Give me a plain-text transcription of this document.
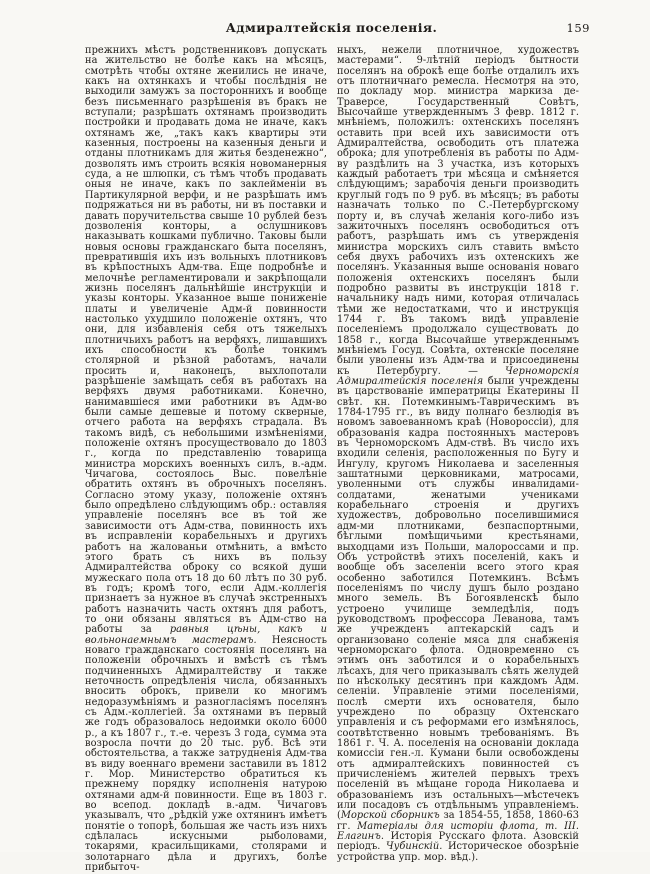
Адмиралтейскія поселенія.	159
прежнихъ мѣстъ родственниковъ допускать на жительство не болѣе какъ на мѣсяцъ, смотрѣть чтобы охтяне женились не иначе, какъ на охтянкахъ и чтобы послѣднія не выходили замужъ за постороннихъ и вообще безъ письменнаго разрѣшенія въ бракъ не вступали; разрѣшать охтянамъ производить постройки и продавать дома не иначе, какъ охтянамъ же, „такъ какъ квартиры эти казенныя, построены на казенныя деньги и отданы плотникамъ для житья безденежно“, дозволять имъ строить всякія новоманерныя суда, а не шлюпки, съ тѣмъ чтобъ продавать оныя не иначе, какъ по заклейменіи въ Партикулярной верфи, и не разрѣшать имъ подряжаться ни въ работы, ни въ поставки и давать поручительства свыше 10 рублей безъ дозволенія конторы, а ослушниковъ наказывать кошками публично. Таковы были новыя основы гражданскаго быта поселянъ, превратившія ихъ изъ вольныхъ плотниковъ въ крѣпостныхъ Адм-тва. Еще подробнѣе и мелочнѣе регламентировали и закрѣпощали жизнь поселянъ дальнѣйшіе инструкціи и указы конторы. Указанное выше пониженіе платы и увеличеніе Адм-й повинности настолько ухудшило положеніе охтянъ, что они, для избавленія себя отъ тяжелыхъ плотничьихъ работъ на верфяхъ, лишавшихъ ихъ способности къ болѣе тонкимъ столярной и рѣзной работамъ, начали просить и, наконецъ, выхлопотали разрѣшеніе замѣщать себя въ работахъ на верфяхъ двумя работниками. Конечно, нанимавшіеся ими работники въ Адм-во были самые дешевые и потому скверные, отчего работа на верфяхъ страдала. Въ такомъ видѣ, съ небольшими измѣненіями, положеніе охтянъ просуществовало до 1803 г., когда по представленію товарища министра морскихъ военныхъ силъ, в.-адм. Чичагова, состоялось Выс. повелѣніе обратить охтянъ въ оброчныхъ поселянъ. Согласно этому указу, положеніе охтянъ было опредѣлено слѣдующимъ обр.: оставляя управленіе поселянъ все въ той же зависимости отъ Адм-ства, повинность ихъ въ исправленіи корабельныхъ и другихъ работъ на жалованьи отмѣнить, а вмѣсто этого брать съ нихъ въ пользу Адмиралтейства оброку со всякой души мужескаго пола отъ 18 до 60 лѣтъ по 30 руб. въ годъ; кромѣ того, если Адм.-коллегія признаетъ за нужное въ случаѣ экстренныхъ работъ назначить часть охтянъ для работъ, то они обязаны являться въ Адм-ство на работы за равныя цѣны, какъ и вольнонаемнымъ мастерамъ. Неясность новаго гражданскаго состоянія поселянъ на положеніи оброчныхъ и вмѣстѣ съ тѣмъ подчиненныхъ Адмиралтейству и также неточность опредѣленія числа, обязанныхъ вносить оброкъ, привели ко многимъ недоразумѣніямъ и разногласіямъ поселянъ съ Адм.-коллегіей. За охтянами въ первый же годъ образовалось недоимки около 6000 р., а къ 1807 г., т.-е. черезъ 3 года, сумма эта возросла почти до 20 тыс. руб. Всѣ эти обстоятельства, а также затрудненія Адм-тва въ виду военнаго времени заставили въ 1812 г. Мор. Министерство обратиться къ прежнему порядку исполненія натурою охтянами адм-й повинности. Еще въ 1803 г. во всепод. докладѣ в.-адм. Чичаговъ указывалъ, что „рѣдкій уже охтянинъ имѣетъ понятіе о топорѣ, большая же часть изъ нихъ сдѣлалась искусными рыболовами, токарями, красильщиками, столярами и золотарнаго дѣла и другихъ, болѣе прибыточ-
ныхъ, нежели плотничное, художествъ мастерами“. 9-лѣтній періодъ бытности поселянъ на оброкѣ еще болѣе отдалилъ ихъ отъ плотничнаго ремесла. Несмотря на это, по докладу мор. министра маркиза де-Траверсе, Государственный Совѣтъ, Высочайше утвержденнымъ 3 февр. 1812 г. мнѣніемъ, положилъ: охтенскихъ поселянъ оставить при всей ихъ зависимости отъ Адмиралтейства, освободить отъ платежа оброка; для употребленія въ работы по Адм-ву раздѣлить на 3 участка, изъ которыхъ каждый работаетъ три мѣсяца и смѣняется слѣдующимъ; зарабочія деньги производить круглый годъ по 9 руб. въ мѣсяцъ; въ работы назначать только по С.-Петербургскому порту и, въ случаѣ желанія кого-либо изъ зажиточныхъ поселянъ освободиться отъ работъ, разрѣшать имъ съ утвержденія министра морскихъ силъ ставить вмѣсто себя двухъ рабочихъ изъ охтенскихъ же поселянъ. Указанныя выше основанія новаго положенія охтенскихъ поселянъ были подробно развиты въ инструкціи 1818 г. начальнику надъ ними, которая отличалась тѣми же недостатками, что и инструкція 1744 г. Въ такомъ видѣ управленіе поселеніемъ продолжало существовать до 1858 г., когда Высочайше утвержденнымъ мнѣніемъ Госуд. Совѣта, охтенскіе поселяне были уволены изъ Адм-тва и присоединены къ Петербургу. — Черноморскія Адмиралтейскія поселенія были учреждены въ царствованіе императрицы Екатерины II свѣт. кн. Потемкинымъ-Таврическимъ въ 1784-1795 гг., въ виду полнаго безлюдія въ новомъ завоеванномъ краѣ (Новороссіи), для образованія кадра постоянныхъ мастеровъ въ Черноморскомъ Адм-ствѣ. Въ число ихъ входили селенія, расположенныя по Бугу и Ингулу, кругомъ Николаева и заселенныя заштатными церковниками, матросами, уволенными отъ службы инвалидами-солдатами, женатыми учениками корабельнаго строенія и другихъ художествъ, добровольно поселившимися адм-ми плотниками, безпаспортными, бѣглыми помѣщичьими крестьянами, выходцами изъ Польши, малороссами и пр. Объ устройствѣ этихъ поселеній, какъ и вообще объ заселеніи всего этого края особенно заботился Потемкинъ. Всѣмъ поселеніямъ по числу душъ было роздано много земель. Въ Богоявленскѣ было устроено училище земледѣлія, подъ руководствомъ профессора Леванова, тамъ же учрежденъ аптекарскій садъ и организовано соленіе мяса для снабженія черноморскаго флота. Одновременно съ этимъ онъ заботился и о корабельныхъ лѣсахъ, для чего приказывалъ сѣять желудей по нѣскольку десятинъ при каждомъ Адм. селеніи. Управленіе этими поселеніями, послѣ смерти ихъ основателя, было учреждено по образцу Охтенскаго управленія и съ реформами его измѣнялось, соотвѣтственно новымъ требованіямъ. Въ 1861 г. Ч. А. поселенія на основаніи доклада комиссіи ген.-л. Кумани были освобождены отъ адмиралтейскихъ повинностей съ причисленіемъ жителей первыхъ трехъ поселеній въ мѣщане города Николаева и образованіемъ изъ остальныхъ—мѣстечекъ или посадовъ съ отдѣльнымъ управленіемъ. (Морской сборникъ за 1854-55, 1858, 1860-63 гг. Матеріалы для исторіи флота, т. III. Елагинъ. Исторія Русскаго флота. Азовскій періодъ. Чубинскій. Историческое обозрѣніе устройства упр. мор. вѣд.).
